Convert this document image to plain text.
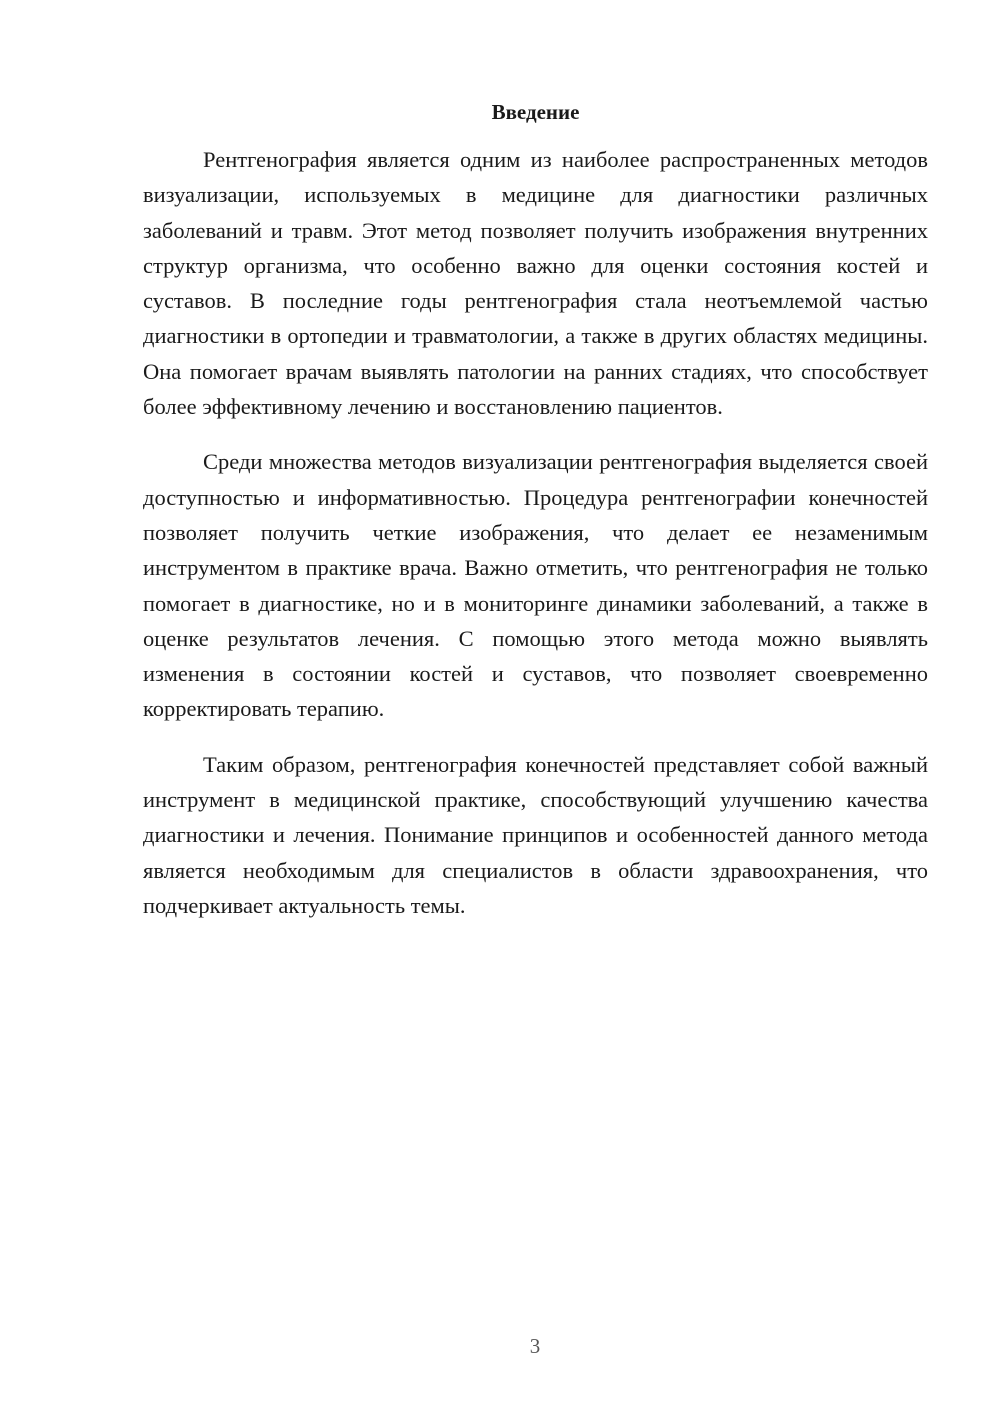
Введение

Рентгенография является одним из наиболее распространенных методов визуализации, используемых в медицине для диагностики различных заболеваний и травм. Этот метод позволяет получить изображения внутренних структур организма, что особенно важно для оценки состояния костей и суставов. В последние годы рентгенография стала неотъемлемой частью диагностики в ортопедии и травматологии, а также в других областях медицины. Она помогает врачам выявлять патологии на ранних стадиях, что способствует более эффективному лечению и восстановлению пациентов.

Среди множества методов визуализации рентгенография выделяется своей доступностью и информативностью. Процедура рентгенографии конечностей позволяет получить четкие изображения, что делает ее незаменимым инструментом в практике врача. Важно отметить, что рентгенография не только помогает в диагностике, но и в мониторинге динамики заболеваний, а также в оценке результатов лечения. С помощью этого метода можно выявлять изменения в состоянии костей и суставов, что позволяет своевременно корректировать терапию.

Таким образом, рентгенография конечностей представляет собой важный инструмент в медицинской практике, способствующий улучшению качества диагностики и лечения. Понимание принципов и особенностей данного метода является необходимым для специалистов в области здравоохранения, что подчеркивает актуальность темы.

3
